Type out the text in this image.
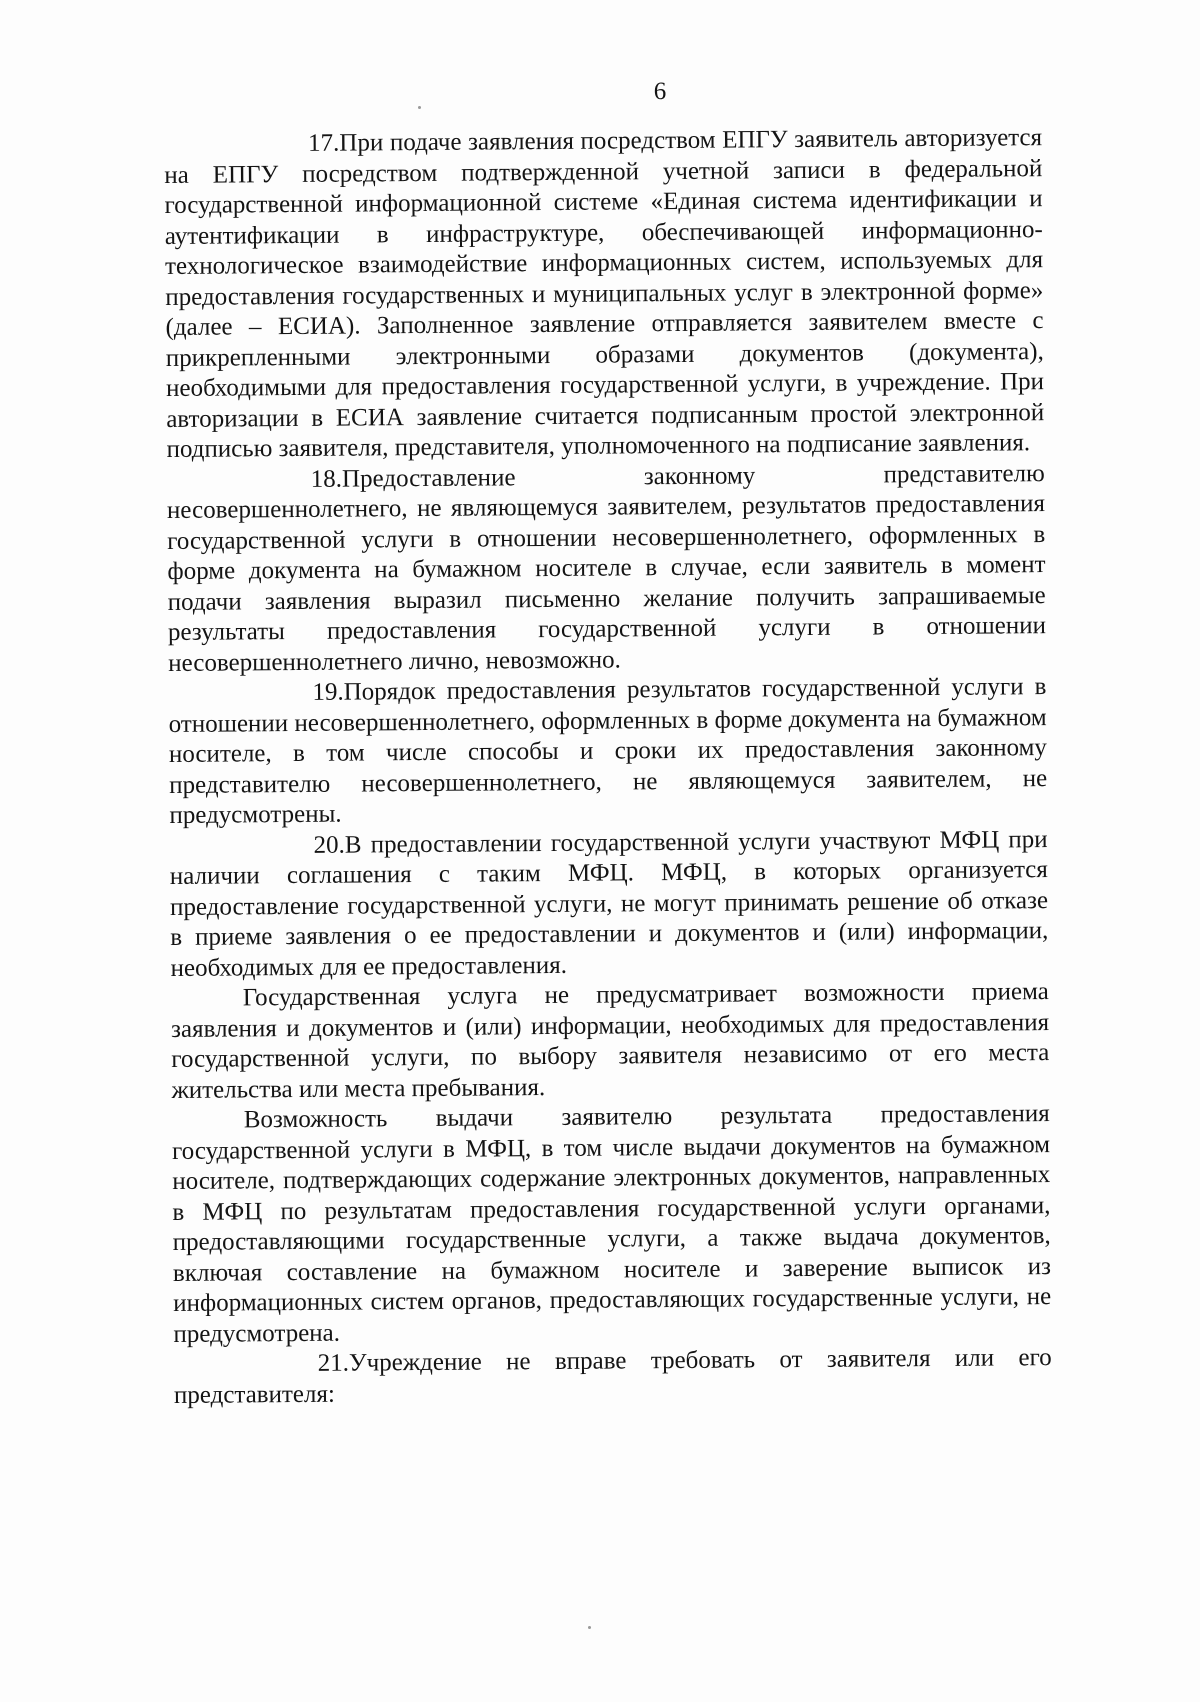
6

17.При подаче заявления посредством ЕПГУ заявитель авторизуется на ЕПГУ посредством подтвержденной учетной записи в федеральной государственной информационной системе «Единая система идентификации и аутентификации в инфраструктуре, обеспечивающей информационно-технологическое взаимодействие информационных систем, используемых для предоставления государственных и муниципальных услуг в электронной форме» (далее – ЕСИА). Заполненное заявление отправляется заявителем вместе с прикрепленными электронными образами документов (документа), необходимыми для предоставления государственной услуги, в учреждение. При авторизации в ЕСИА заявление считается подписанным простой электронной подписью заявителя, представителя, уполномоченного на подписание заявления.

18.Предоставление законному представителю несовершеннолетнего, не являющемуся заявителем, результатов предоставления государственной услуги в отношении несовершеннолетнего, оформленных в форме документа на бумажном носителе в случае, если заявитель в момент подачи заявления выразил письменно желание получить запрашиваемые результаты предоставления государственной услуги в отношении несовершеннолетнего лично, невозможно.

19.Порядок предоставления результатов государственной услуги в отношении несовершеннолетнего, оформленных в форме документа на бумажном носителе, в том числе способы и сроки их предоставления законному представителю несовершеннолетнего, не являющемуся заявителем, не предусмотрены.

20.В предоставлении государственной услуги участвуют МФЦ при наличии соглашения с таким МФЦ. МФЦ, в которых организуется предоставление государственной услуги, не могут принимать решение об отказе в приеме заявления о ее предоставлении и документов и (или) информации, необходимых для ее предоставления.

Государственная услуга не предусматривает возможности приема заявления и документов и (или) информации, необходимых для предоставления государственной услуги, по выбору заявителя независимо от его места жительства или места пребывания.

Возможность выдачи заявителю результата предоставления государственной услуги в МФЦ, в том числе выдачи документов на бумажном носителе, подтверждающих содержание электронных документов, направленных в МФЦ по результатам предоставления государственной услуги органами, предоставляющими государственные услуги, а также выдача документов, включая составление на бумажном носителе и заверение выписок из информационных систем органов, предоставляющих государственные услуги, не предусмотрена.

21.Учреждение не вправе требовать от заявителя или его представителя:
